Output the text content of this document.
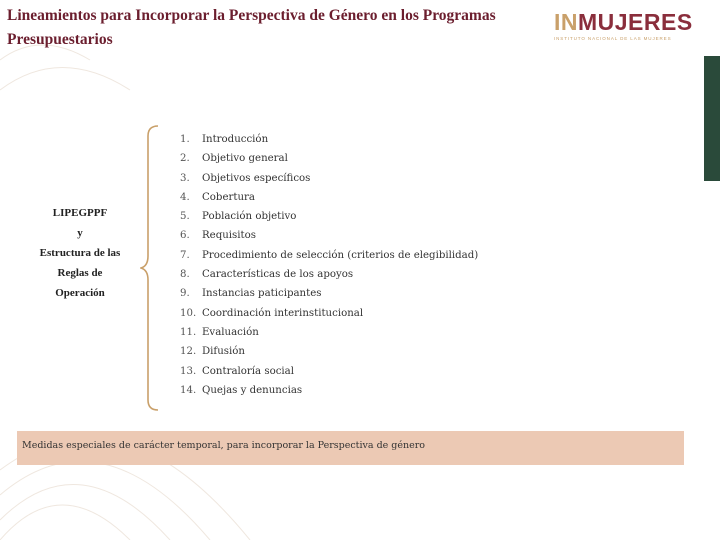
Lineamientos para Incorporar la Perspectiva de Género en los Programas Presupuestarios
INMUJERES
INSTITUTO NACIONAL DE LAS MUJERES
LIPEGPPF
y
Estructura de las
Reglas de
Operación
1.	Introducción
2.	Objetivo general
3.	Objetivos específicos
4.	Cobertura
5.	Población objetivo
6.	Requisitos
7.	Procedimiento de selección (criterios de elegibilidad)
8.	Características de los apoyos
9.	Instancias paticipantes
10. Coordinación interinstitucional
11. Evaluación
12. Difusión
13. Contraloría social
14. Quejas y denuncias
Medidas especiales de carácter temporal, para incorporar la Perspectiva de género
